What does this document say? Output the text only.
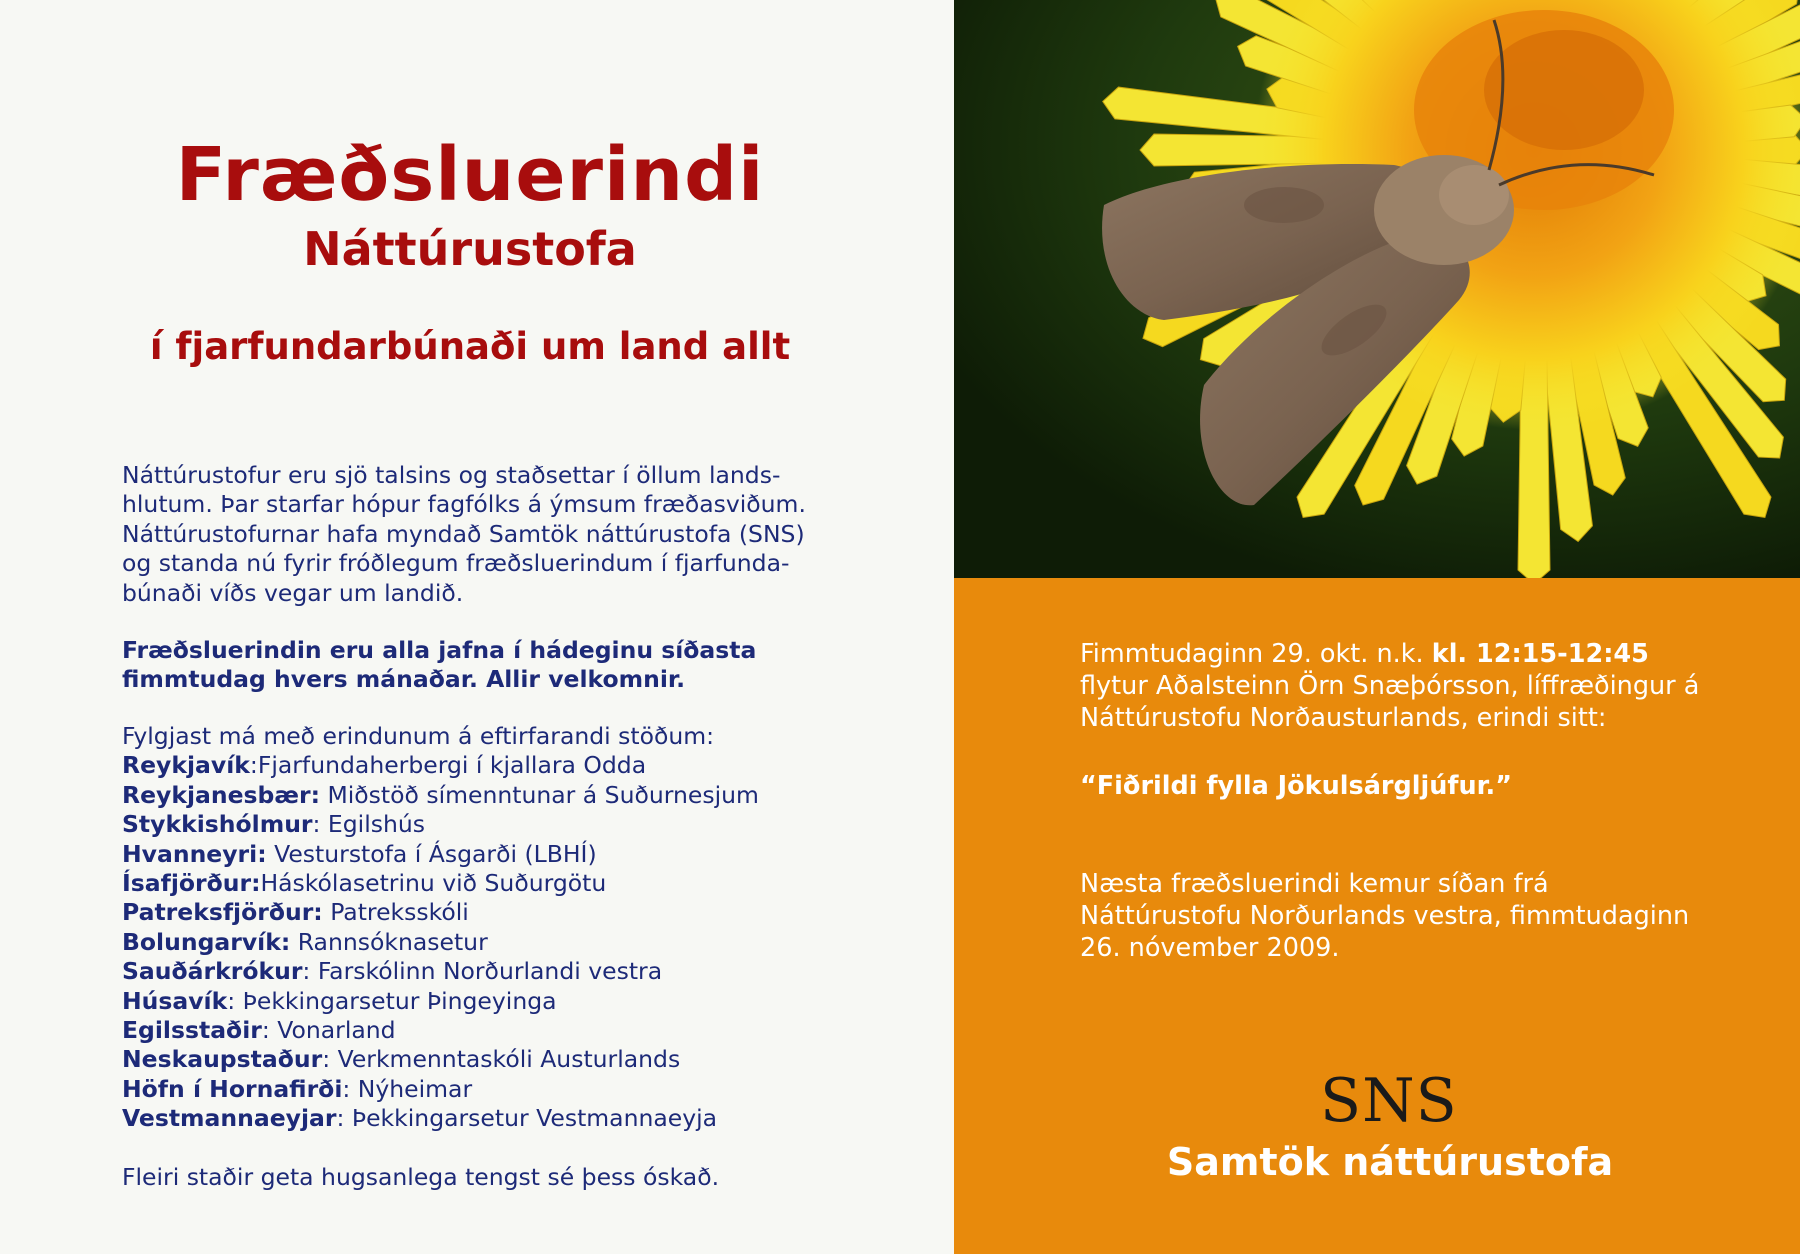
Fræðsluerindi
Náttúrustofa
í fjarfundarbúnaði um land allt
Náttúrustofur eru sjö talsins og staðsettar í öllum lands-
hlutum. Þar starfar hópur fagfólks á ýmsum fræðasviðum.
Náttúrustofurnar hafa myndað Samtök náttúrustofa (SNS)
og standa nú fyrir fróðlegum fræðsluerindum í fjarfunda-
búnaði víðs vegar um landið.
Fræðsluerindin eru alla jafna í hádeginu síðasta
fimmtudag hvers mánaðar. Allir velkomnir.
Fylgjast má með erindunum á eftirfarandi stöðum:
Reykjavík:Fjarfundaherbergi í kjallara Odda
Reykjanesbær: Miðstöð símenntunar á Suðurnesjum
Stykkishólmur: Egilshús
Hvanneyri: Vesturstofa í Ásgarði (LBHÍ)
Ísafjörður:Háskólasetrinu við Suðurgötu
Patreksfjörður: Patreksskóli
Bolungarvík: Rannsóknasetur
Sauðárkrókur: Farskólinn Norðurlandi vestra
Húsavík: Þekkingarsetur Þingeyinga
Egilsstaðir: Vonarland
Neskaupstaður: Verkmenntaskóli Austurlands
Höfn í Hornafirði: Nýheimar
Vestmannaeyjar: Þekkingarsetur Vestmannaeyja
Fleiri staðir geta hugsanlega tengst sé þess óskað.
Fimmtudaginn 29. okt. n.k. kl. 12:15-12:45
flytur Aðalsteinn Örn Snæþórsson, líffræðingur á
Náttúrustofu Norðausturlands, erindi sitt:
“Fiðrildi fylla Jökulsárgljúfur.”
Næsta fræðsluerindi kemur síðan frá
Náttúrustofu Norðurlands vestra, fimmtudaginn
26. nóvember 2009.
SNS
Samtök náttúrustofa
